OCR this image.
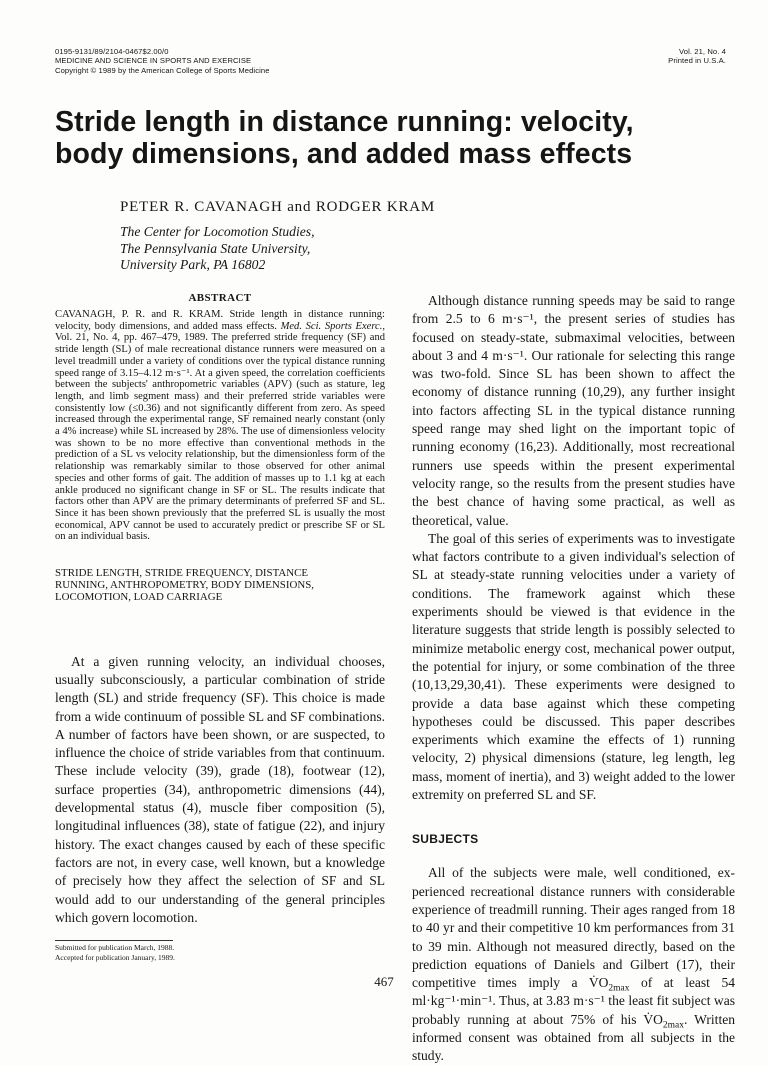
0195-9131/89/2104-0467$2.00/0
MEDICINE AND SCIENCE IN SPORTS AND EXERCISE
Copyright © 1989 by the American College of Sports Medicine
Vol. 21, No. 4
Printed in U.S.A.
Stride length in distance running: velocity,
body dimensions, and added mass effects
PETER R. CAVANAGH and RODGER KRAM
The Center for Locomotion Studies,
The Pennsylvania State University,
University Park, PA 16802
ABSTRACT

CAVANAGH, P. R. and R. KRAM. Stride length in distance running: velocity, body dimensions, and added mass effects. Med. Sci. Sports Exerc., Vol. 21, No. 4, pp. 467–479, 1989. The preferred stride frequency (SF) and stride length (SL) of male recreational distance runners were measured on a level treadmill under a variety of conditions over the typical distance running speed range of 3.15–4.12 m·s⁻¹. At a given speed, the correlation coefficients between the subjects' anthropometric variables (APV) (such as stature, leg length, and limb segment mass) and their preferred stride variables were consistently low (≤0.36) and not significantly different from zero. As speed increased through the experimental range, SF remained nearly constant (only a 4% increase) while SL increased by 28%. The use of dimensionless velocity was shown to be no more effective than conventional methods in the prediction of a SL vs velocity relationship, but the dimensionless form of the relationship was remarkably similar to those observed for other animal species and other forms of gait. The addition of masses up to 1.1 kg at each ankle produced no significant change in SF or SL. The results indicate that factors other than APV are the primary determinants of preferred SF and SL. Since it has been shown previously that the preferred SL is usually the most economical, APV cannot be used to accurately predict or prescribe SF or SL on an individual basis.

STRIDE LENGTH, STRIDE FREQUENCY, DISTANCE
RUNNING, ANTHROPOMETRY, BODY DIMENSIONS,
LOCOMOTION, LOAD CARRIAGE

At a given running velocity, an individual chooses, usually subconsciously, a particular combination of stride length (SL) and stride frequency (SF). This choice is made from a wide continuum of possible SL and SF combinations. A number of factors have been shown, or are suspected, to influence the choice of stride variables from that continuum. These include velocity (39), grade (18), footwear (12), surface properties (34), anthropometric dimensions (44), developmental status (4), muscle fiber composition (5), longitudinal influences (38), state of fatigue (22), and injury history. The exact changes caused by each of these specific factors are not, in every case, well known, but a knowledge of precisely how they affect the selection of SF and SL would add to our understanding of the general principles which govern locomotion.

Although distance running speeds may be said to range from 2.5 to 6 m·s⁻¹, the present series of studies has focused on steady-state, submaximal velocities, between about 3 and 4 m·s⁻¹. Our rationale for selecting this range was two-fold. Since SL has been shown to affect the economy of distance running (10,29), any further insight into factors affecting SL in the typical distance running speed range may shed light on the important topic of running economy (16,23). Additionally, most recreational runners use speeds within the present experimental velocity range, so the results from the present studies have the best chance of having some practical, as well as theoretical, value.

The goal of this series of experiments was to investigate what factors contribute to a given individual's selection of SL at steady-state running velocities under a variety of conditions. The framework against which these experiments should be viewed is that evidence in the literature suggests that stride length is possibly selected to minimize metabolic energy cost, mechanical power output, the potential for injury, or some combination of the three (10,13,29,30,41). These experiments were designed to provide a data base against which these competing hypotheses could be discussed. This paper describes experiments which examine the effects of 1) running velocity, 2) physical dimensions (stature, leg length, leg mass, moment of inertia), and 3) weight added to the lower extremity on preferred SL and SF.

SUBJECTS

All of the subjects were male, well conditioned, experienced recreational distance runners with considerable experience of treadmill running. Their ages ranged from 18 to 40 yr and their competitive 10 km performances from 31 to 39 min. Although not measured directly, based on the prediction equations of Daniels and Gilbert (17), their competitive times imply a $V̇O_{2max}$ of at least 54 ml·kg⁻¹·min⁻¹. Thus, at 3.83 m·s⁻¹ the least fit subject was probably running at about 75% of his $V̇O_{2max}$. Written informed consent was obtained from all subjects in the study.

Submitted for publication March, 1988.
Accepted for publication January, 1989.
467
